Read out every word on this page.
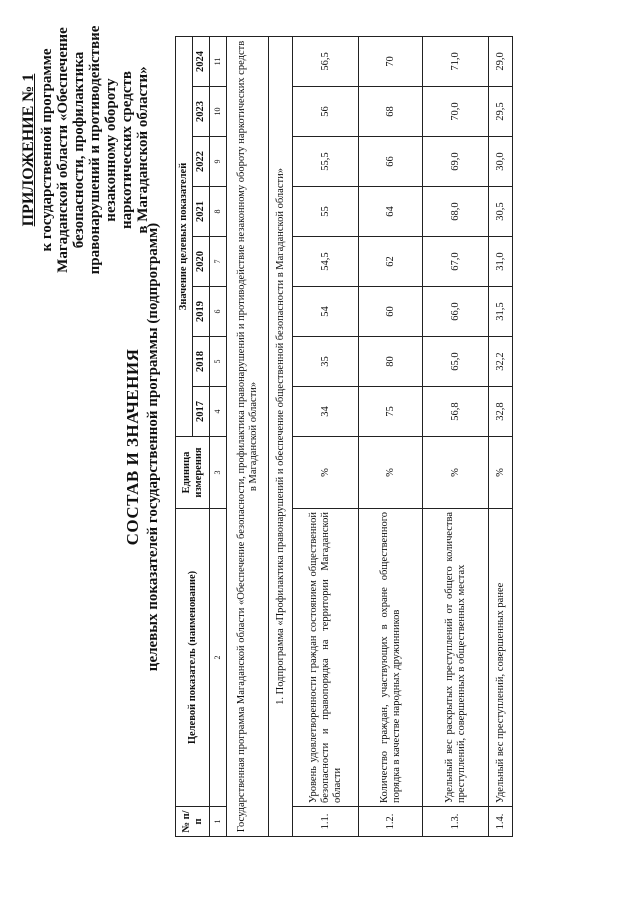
ПРИЛОЖЕНИЕ № 1 к государственной программе Магаданской области «Обеспечение безопасности, профилактика правонарушений и противодействие незаконному обороту наркотических средств в Магаданской области»
СОСТАВ И ЗНАЧЕНИЯ целевых показателей государственной программы (подпрограмм)
№ п/п	Целевой показатель (наименование)	Единица измерения	Значение целевых показателей							
			2017	2018	2019	2020	2021	2022	2023	2024
1	2	3	4	5	6	7	8	9	10	11
Государственная программа Магаданской области «Обеспечение безопасности, профилактика правонарушений и противодействие незаконному обороту наркотических средств в Магаданской области»										
1. Подпрограмма «Профилактика правонарушений и обеспечение общественной безопасности в Магаданской области»										
1.1.	Уровень удовлетворенности граждан состоянием общественной безопасности и правопорядка на территории Магаданской области	%	34	35	54	54,5	55	55,5	56	56,5
1.2.	Количество граждан, участвующих в охране общественного порядка в качестве народных дружинников	%	75	80	60	62	64	66	68	70
1.3.	Удельный вес раскрытых преступлений от общего количества преступлений, совершенных в общественных местах	%	56,8	65,0	66,0	67,0	68,0	69,0	70,0	71,0
1.4.	Удельный вес преступлений, совершенных ранее	%	32,8	32,2	31,5	31,0	30,5	30,0	29,5	29,0
